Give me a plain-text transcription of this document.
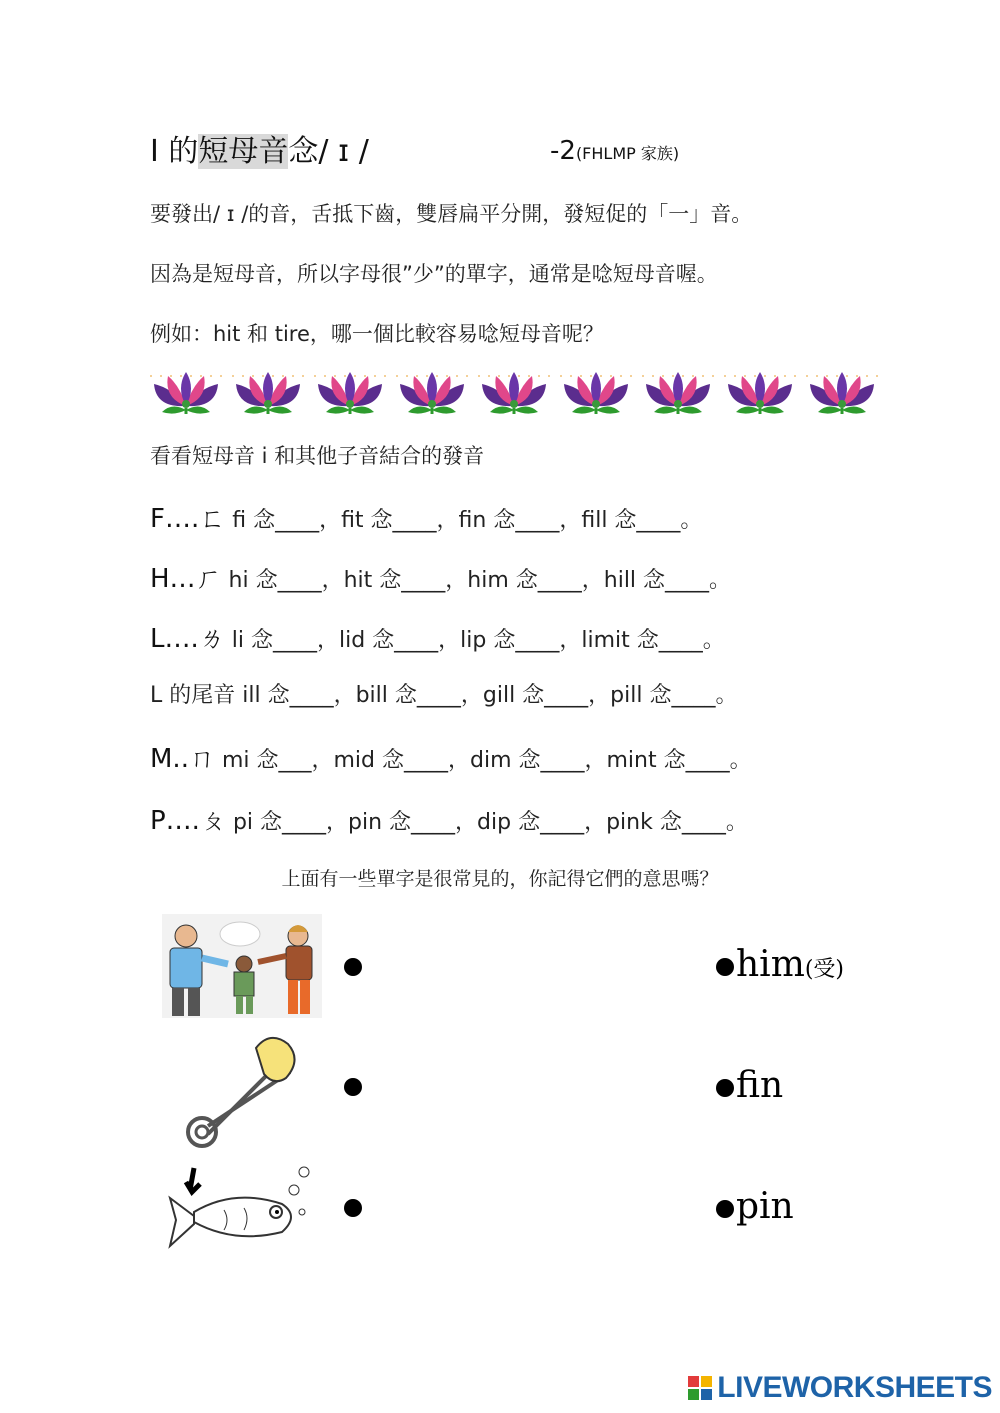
I 的短母音念/ ɪ /	-2(FHLMP 家族)
要發出/ ɪ /的音，舌抵下齒，雙唇扁平分開，發短促的「一」音。
因為是短母音，所以字母很”少”的單字，通常是唸短母音喔。
例如：hit 和 tire，哪一個比較容易唸短母音呢？
看看短母音 i 和其他子音結合的發音
F….ㄈ fi 念____，fit 念____，fin 念____，fill 念____。
H…ㄏ hi 念____，hit 念____，him 念____，hill 念____。
L….ㄌ li 念____，lid 念____，lip 念____，limit 念____。
L 的尾音 ill 念____，bill 念____，gill 念____，pill 念____。
M..ㄇ mi 念___，mid 念____，dim 念____，mint 念____。
P….ㄆ pi 念____，pin 念____，dip 念____，pink 念____。
上面有一些單字是很常見的，你記得它們的意思嗎？
him(受)
fin
pin
LIVEWORKSHEETS
